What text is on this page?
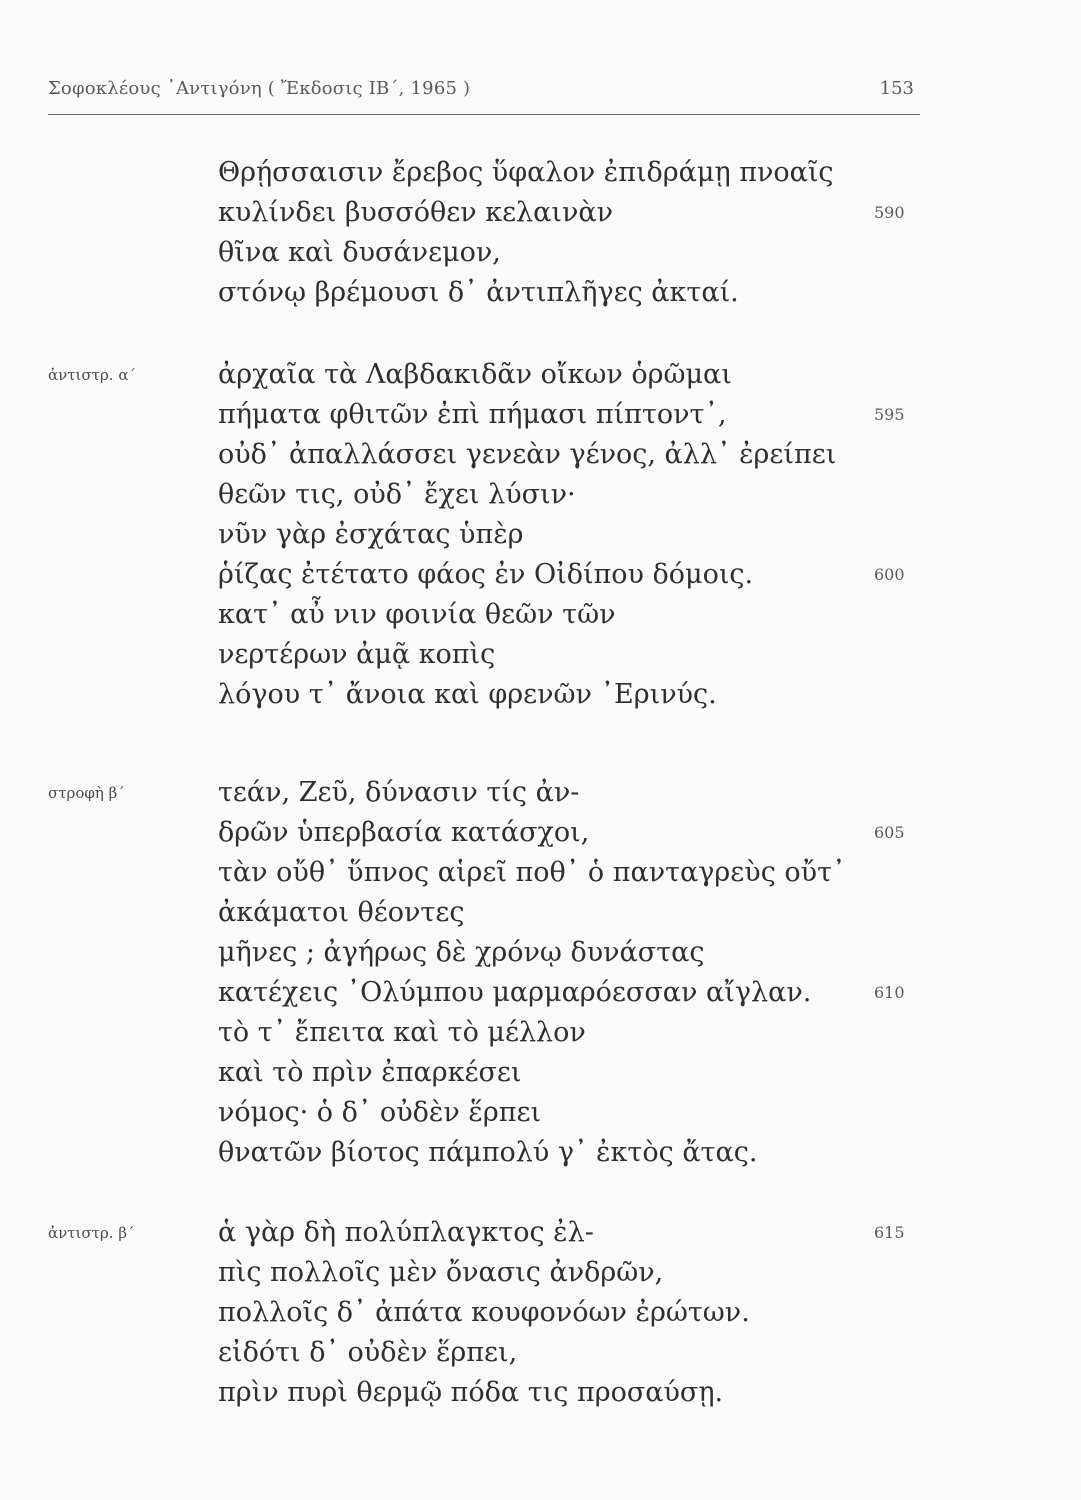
Σοφοκλέους ᾿Αντιγόνη ( Ἔκδοσις ΙΒ΄, 1965 )	153
590
Θρῄσσαισιν ἔρεβος ὕφαλον ἐπιδράμῃ πνοαῖς
κυλίνδει βυσσόθεν κελαινὰν
θῖνα καὶ δυσάνεμον,
στόνῳ βρέμουσι δ᾿ ἀντιπλῆγες ἀκταί.
ἀντιστρ. α΄
595
600
ἀρχαῖα τὰ Λαβδακιδᾶν οἴκων ὁρῶμαι
πήματα φθιτῶν ἐπὶ πήμασι πίπτοντ᾿,
οὐδ᾿ ἀπαλλάσσει γενεὰν γένος, ἀλλ᾿ ἐρείπει
θεῶν τις, οὐδ᾿ ἔχει λύσιν·
νῦν γὰρ ἐσχάτας ὑπὲρ
ῥίζας ἐτέτατο φάος ἐν Οἰδίπου δόμοις.
κατ᾿ αὖ νιν φοινία θεῶν τῶν
νερτέρων ἀμᾷ κοπὶς
λόγου τ᾿ ἄνοια καὶ φρενῶν ᾿Ερινύς.
στροφὴ β΄
605
610
τεάν, Ζεῦ, δύνασιν τίς ἀν-
δρῶν ὑπερβασία κατάσχοι,
τὰν οὔθ᾿ ὕπνος αἱρεῖ ποθ᾿ ὁ πανταγρεὺς οὔτ᾿
ἀκάματοι θέοντες
μῆνες ; ἀγήρως δὲ χρόνῳ δυνάστας
κατέχεις ᾿Ολύμπου μαρμαρόεσσαν αἴγλαν.
τὸ τ᾿ ἔπειτα καὶ τὸ μέλλον
καὶ τὸ πρὶν ἐπαρκέσει
νόμος· ὁ δ᾿ οὐδὲν ἕρπει
θνατῶν βίοτος πάμπολύ γ᾿ ἐκτὸς ἄτας.
ἀντιστρ. β΄	615
ἁ γὰρ δὴ πολύπλαγκτος ἐλ-
πὶς πολλοῖς μὲν ὄνασις ἀνδρῶν,
πολλοῖς δ᾿ ἀπάτα κουφονόων ἐρώτων.
εἰδότι δ᾿ οὐδὲν ἕρπει,
πρὶν πυρὶ θερμῷ πόδα τις προσαύσῃ.
